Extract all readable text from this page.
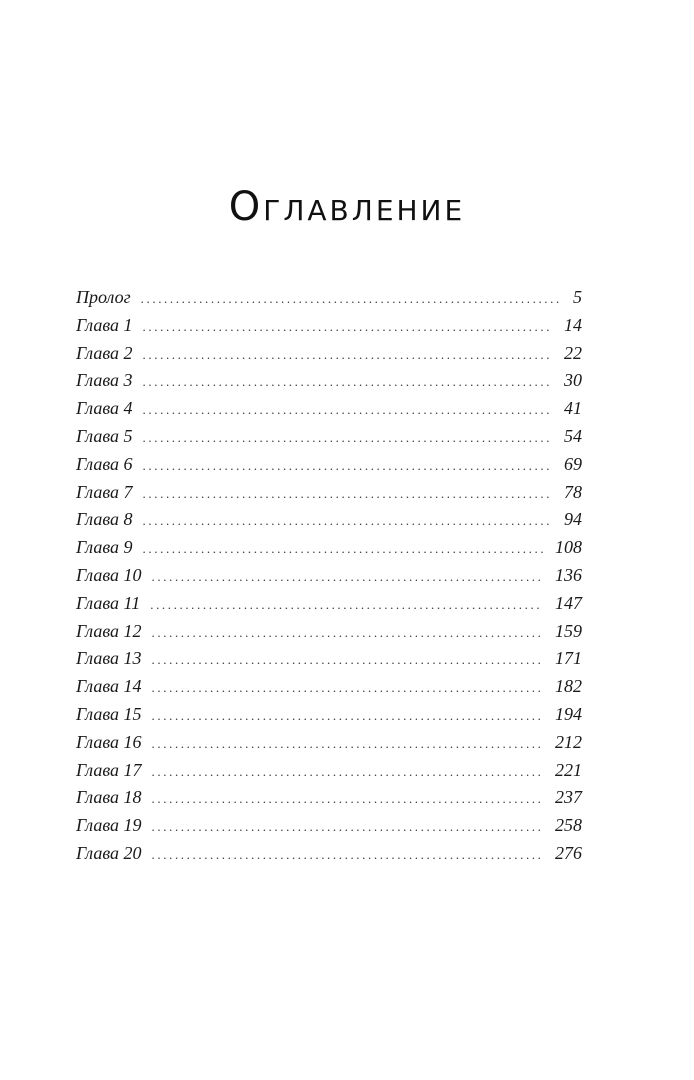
Оглавление
Пролог .....	5
Глава 1 .....	14
Глава 2 .....	22
Глава 3 .....	30
Глава 4 .....	41
Глава 5 .....	54
Глава 6 .....	69
Глава 7 .....	78
Глава 8 .....	94
Глава 9 .....	108
Глава 10 .....	136
Глава 11 .....	147
Глава 12 .....	159
Глава 13 .....	171
Глава 14 .....	182
Глава 15 .....	194
Глава 16 .....	212
Глава 17 .....	221
Глава 18 .....	237
Глава 19 .....	258
Глава 20 .....	276
